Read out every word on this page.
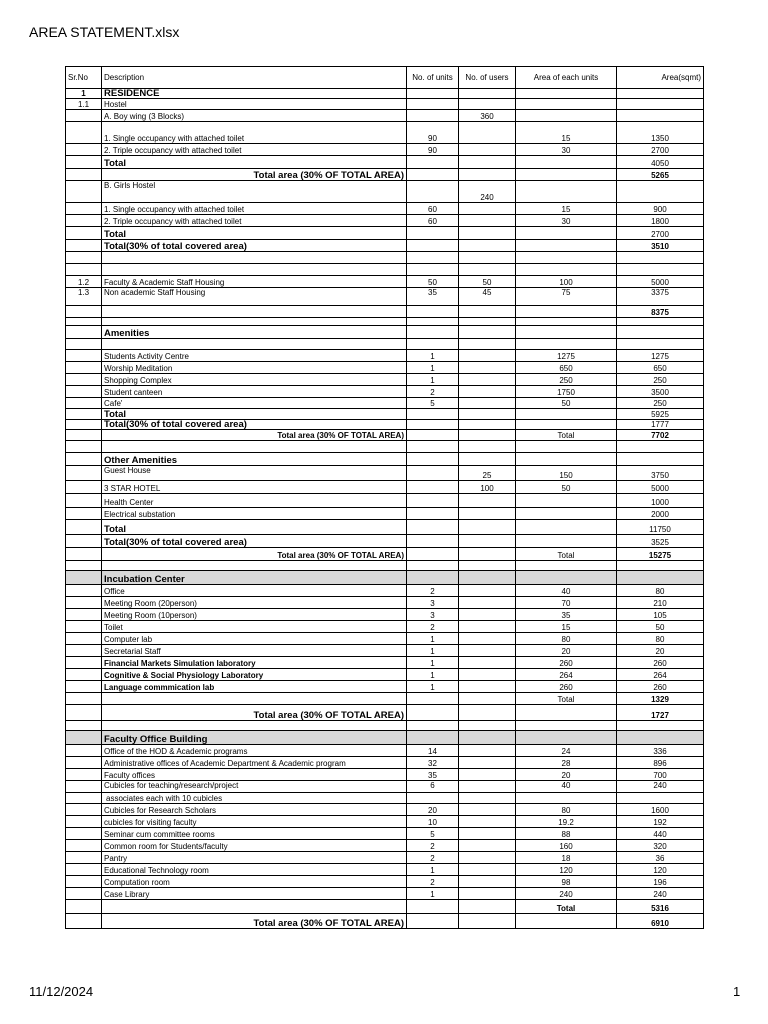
AREA STATEMENT.xlsx
Sr.No	Description	No. of units	No. of users	Area of each units	Area(sqmt)
1	RESIDENCE				
1.1	Hostel				
	A. Boy wing (3 Blocks)		360		
	1. Single occupancy with attached toilet	90		15	1350
	2. Triple occupancy with attached toilet	90		30	2700
	Total				4050
	Total area (30% OF TOTAL AREA)				5265
	B. Girls Hostel		240		
	1. Single occupancy with attached toilet	60		15	900
	2. Triple occupancy with attached toilet	60		30	1800
	Total				2700
	Total(30% of total covered area)				3510

1.2	Faculty & Academic Staff Housing	50	50	100	5000
1.3	Non academic Staff Housing	35	45	75	3375
					8375

	Amenities				

	Students Activity Centre	1		1275	1275
	Worship Meditation	1		650	650
	Shopping Complex	1		250	250
	Student canteen	2		1750	3500
	Cafe'	5		50	250
	Total				5925
	Total(30% of total covered area)				1777
	Total area (30% OF TOTAL AREA)			Total	7702

	Other Amenities				
	Guest House		25	150	3750
	3 STAR HOTEL		100	50	5000
	Health Center				1000
	Electrical substation				2000
	Total				11750
	Total(30% of total covered area)				3525
	Total area (30% OF TOTAL AREA)			Total	15275

	Incubation Center				
	Office	2		40	80
	Meeting Room (20person)	3		70	210
	Meeting Room (10person)	3		35	105
	Toilet	2		15	50
	Computer lab	1		80	80
	Secretarial Staff	1		20	20
	Financial Markets Simulation laboratory	1		260	260
	Cognitive & Social Physiology Laboratory	1		264	264
	Language commmication lab	1		260	260
				Total	1329
	Total area (30% OF TOTAL AREA)				1727

	Faculty Office Building				
	Office of the HOD & Academic programs	14		24	336
	Administrative offices of Academic Department & Academic program	32		28	896
	Faculty offices	35		20	700
	Cubicles for teaching/research/project	6		40	240
	associates each with 10 cubicles				
	Cubicles for Research Scholars	20		80	1600
	cubicles for visiting faculty	10		19.2	192
	Seminar cum committee rooms	5		88	440
	Common room for Students/faculty	2		160	320
	Pantry	2		18	36
	Educational Technology room	1		120	120
	Computation room	2		98	196
	Case Library	1		240	240
				Total	5316
	Total area (30% OF TOTAL AREA)				6910
11/12/2024	1
